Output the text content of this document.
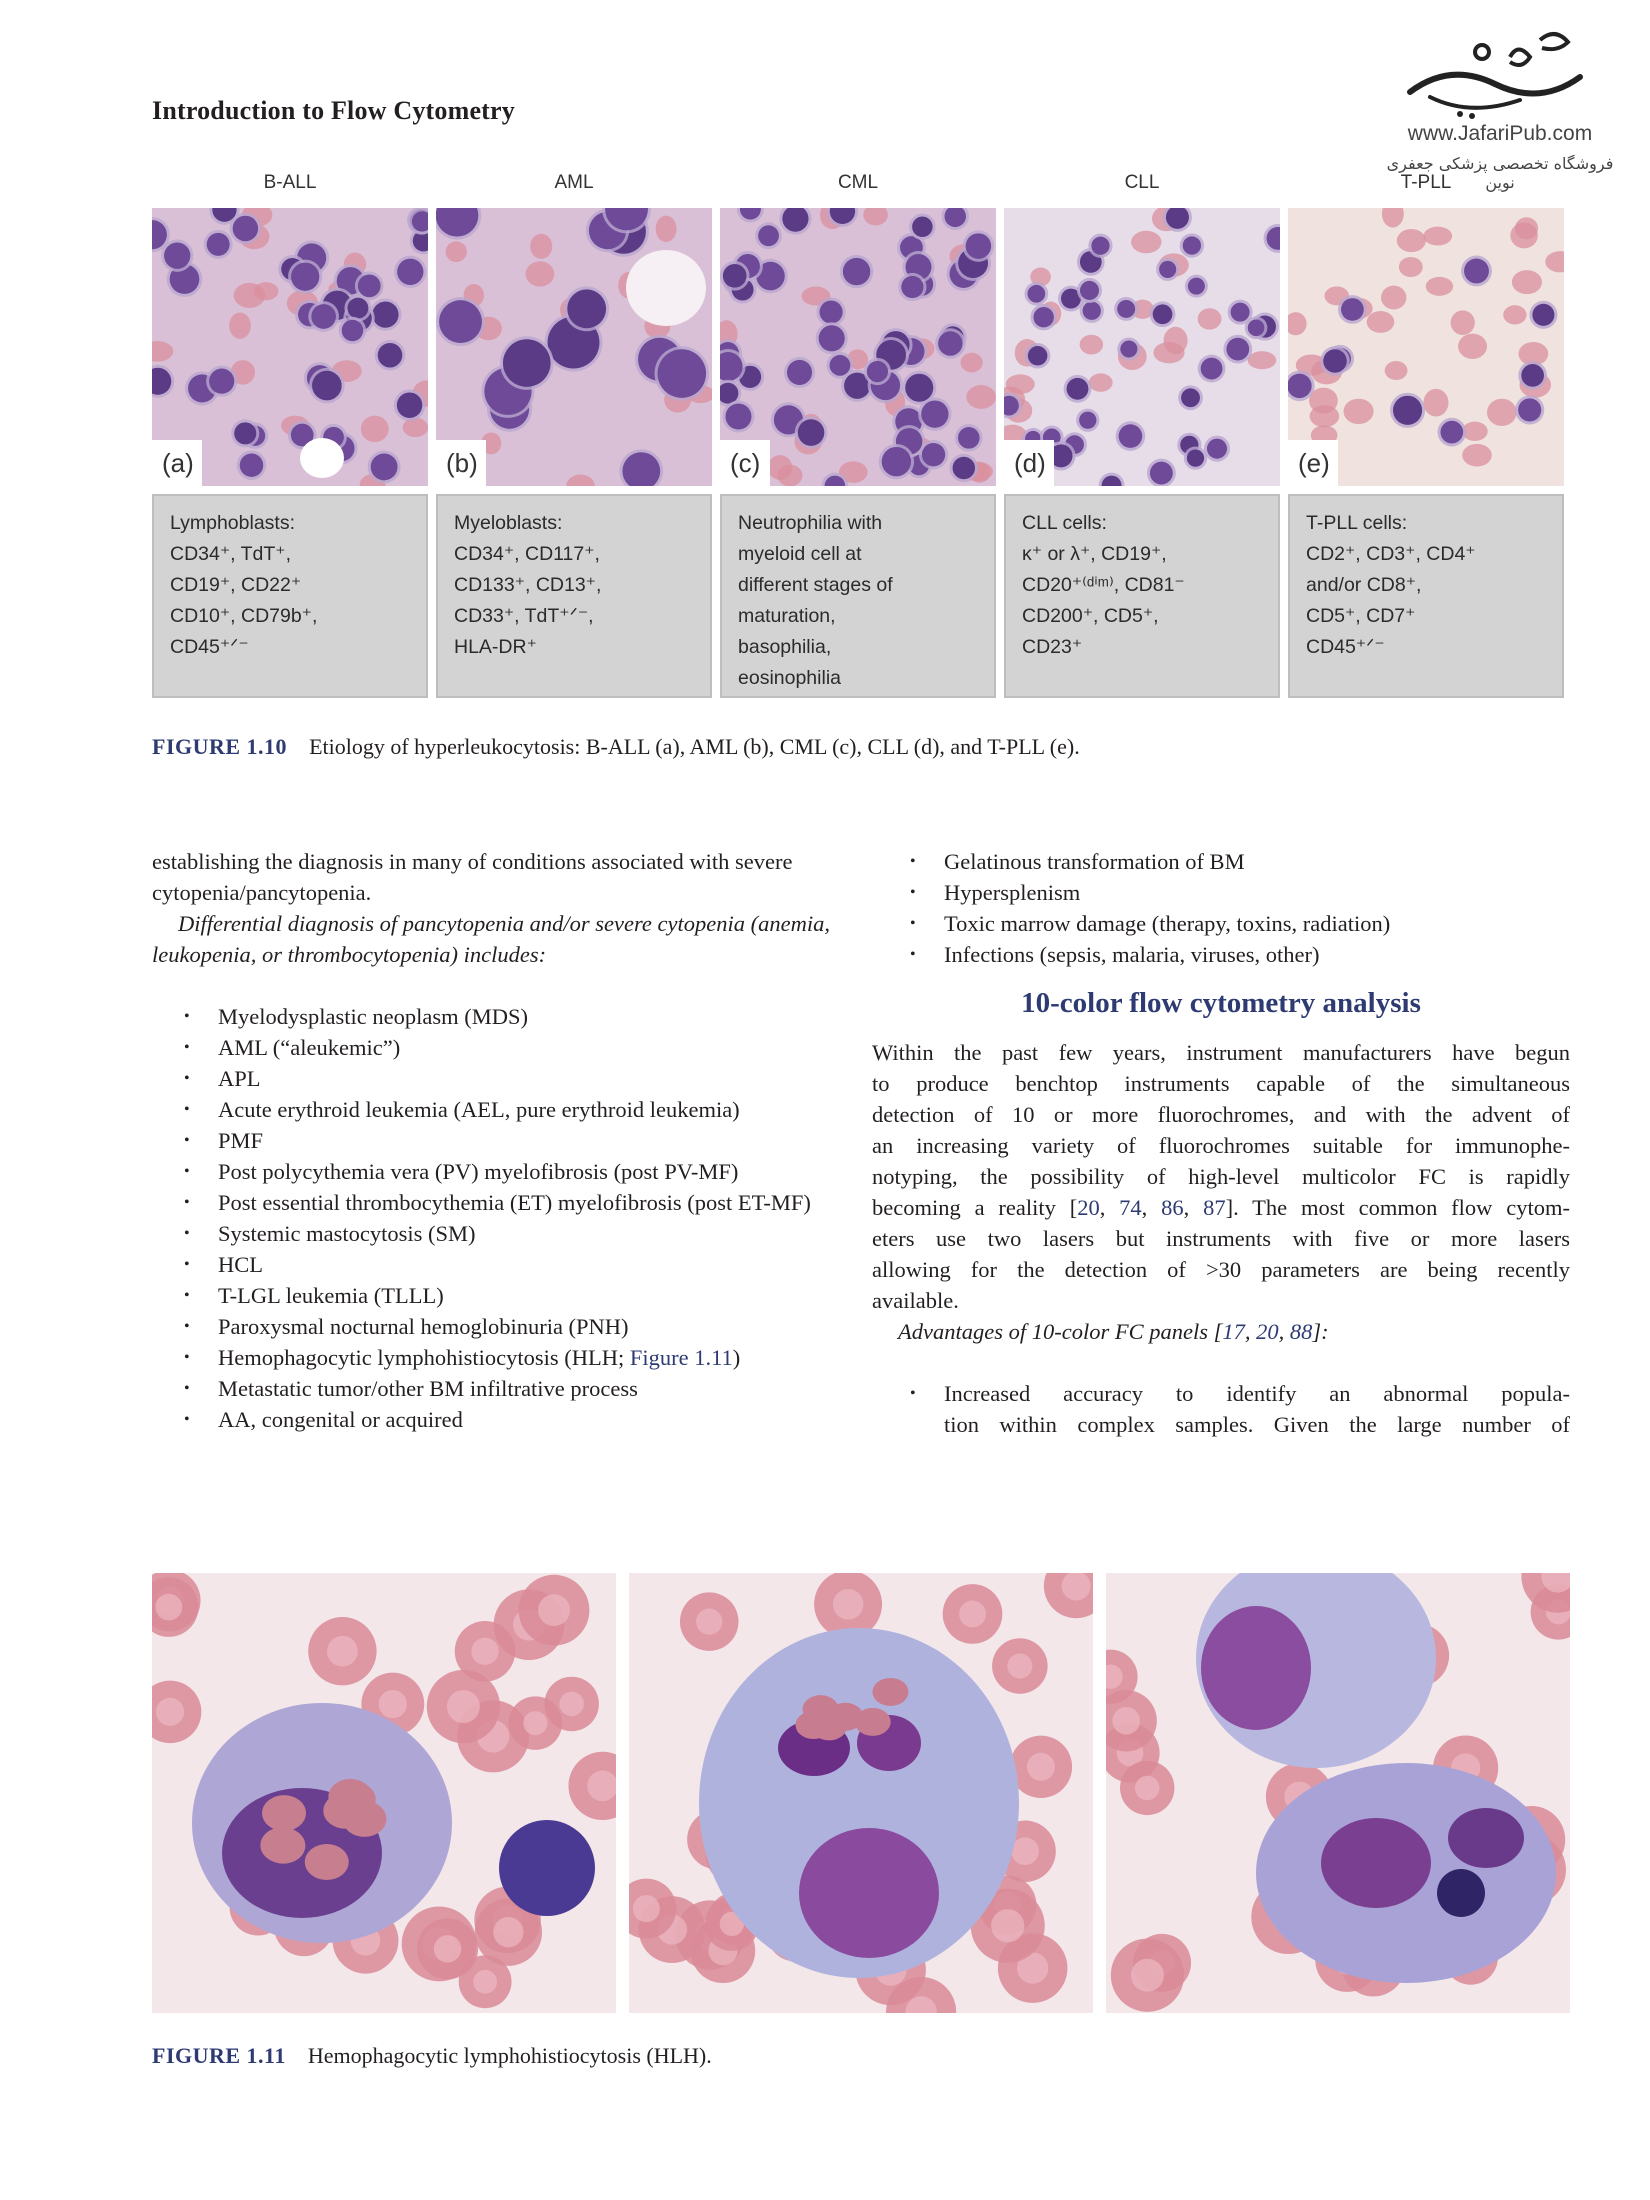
Introduction to Flow Cytometry
www.JafariPub.com
فروشگاه تخصصی پزشکی جعفری نوین
B-ALL
(a)
Lymphoblasts:
CD34⁺, TdT⁺,
CD19⁺, CD22⁺
CD10⁺, CD79b⁺,
CD45⁺ᐟ⁻
AML
(b)
Myeloblasts:
CD34⁺, CD117⁺,
CD133⁺, CD13⁺,
CD33⁺, TdT⁺ᐟ⁻,
HLA-DR⁺
CML
(c)
Neutrophilia with
myeloid cell at
different stages of
maturation,
basophilia,
eosinophilia
CLL
(d)
CLL cells:
κ⁺ or λ⁺, CD19⁺,
CD20⁺⁽ᵈⁱᵐ⁾, CD81⁻
CD200⁺, CD5⁺,
CD23⁺
T-PLL
(e)
T-PLL cells:
CD2⁺, CD3⁺, CD4⁺
and/or CD8⁺,
CD5⁺, CD7⁺
CD45⁺ᐟ⁻
FIGURE 1.10 Etiology of hyperleukocytosis: B-ALL (a), AML (b), CML (c), CLL (d), and T-PLL (e).

establishing the diagnosis in many of conditions associated with severe cytopenia/pancytopenia.

Differential diagnosis of pancytopenia and/or severe cytopenia (anemia, leukopenia, or thrombocytopenia) includes:

• Myelodysplastic neoplasm (MDS)
• AML (“aleukemic”)
• APL
• Acute erythroid leukemia (AEL, pure erythroid leukemia)
• PMF
• Post polycythemia vera (PV) myelofibrosis (post PV-MF)
• Post essential thrombocythemia (ET) myelofibrosis (post ET-MF)
• Systemic mastocytosis (SM)
• HCL
• T-LGL leukemia (TLLL)
• Paroxysmal nocturnal hemoglobinuria (PNH)
• Hemophagocytic lymphohistiocytosis (HLH; Figure 1.11)
• Metastatic tumor/other BM infiltrative process
• AA, congenital or acquired
• Gelatinous transformation of BM
• Hypersplenism
• Toxic marrow damage (therapy, toxins, radiation)
• Infections (sepsis, malaria, viruses, other)
10-color flow cytometry analysis
Within the past few years, instrument manufacturers have begun
to produce benchtop instruments capable of the simultaneous
detection of 10 or more fluorochromes, and with the advent of
an increasing variety of fluorochromes suitable for immunophe-
notyping, the possibility of high-level multicolor FC is rapidly
becoming a reality [20, 74, 86, 87]. The most common flow cytom-
eters use two lasers but instruments with five or more lasers
allowing for the detection of >30 parameters are being recently
available.

Advantages of 10-color FC panels [17, 20, 88]:

• Increased accuracy to identify an abnormal popula-
tion within complex samples. Given the large number of
FIGURE 1.11 Hemophagocytic lymphohistiocytosis (HLH).
